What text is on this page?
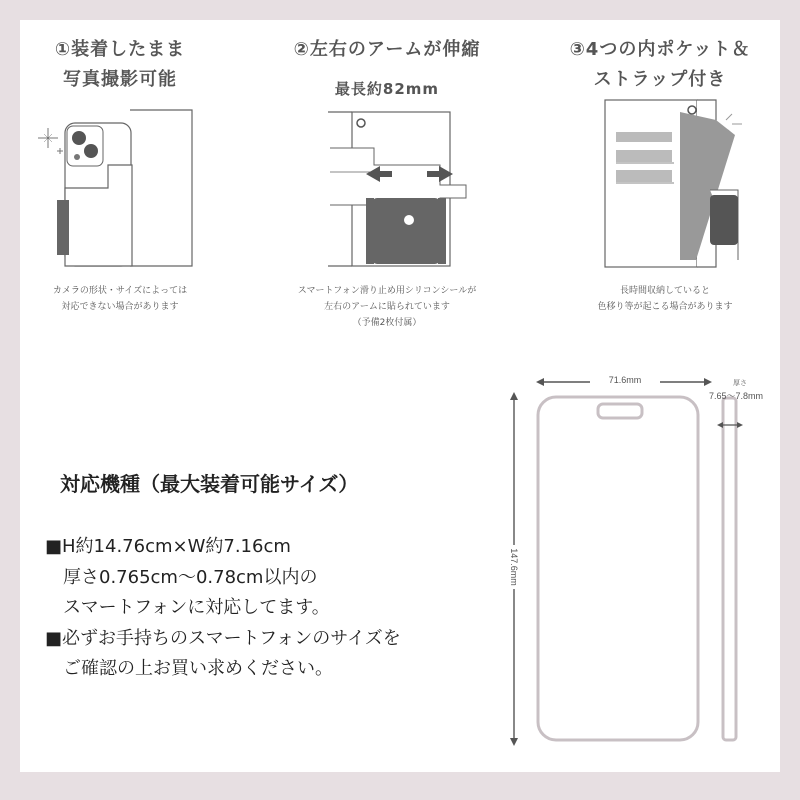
①装着したまま
写真撮影可能
カメラの形状・サイズによっては
対応できない場合があります
②左右のアームが伸縮
最長約82mm
スマートフォン滑り止め用シリコンシールが
左右のアームに貼られています
（予備2枚付属）
③4つの内ポケット＆
ストラップ付き
長時間収納していると
色移り等が起こる場合があります
71.6mm
147.6mm
厚さ
7.65〜7.8mm
対応機種（最大装着可能サイズ）
■H約14.76cm×W約7.16cm
厚さ0.765cm〜0.78cm以内の
スマートフォンに対応してます。
■必ずお手持ちのスマートフォンのサイズを
ご確認の上お買い求めください。
